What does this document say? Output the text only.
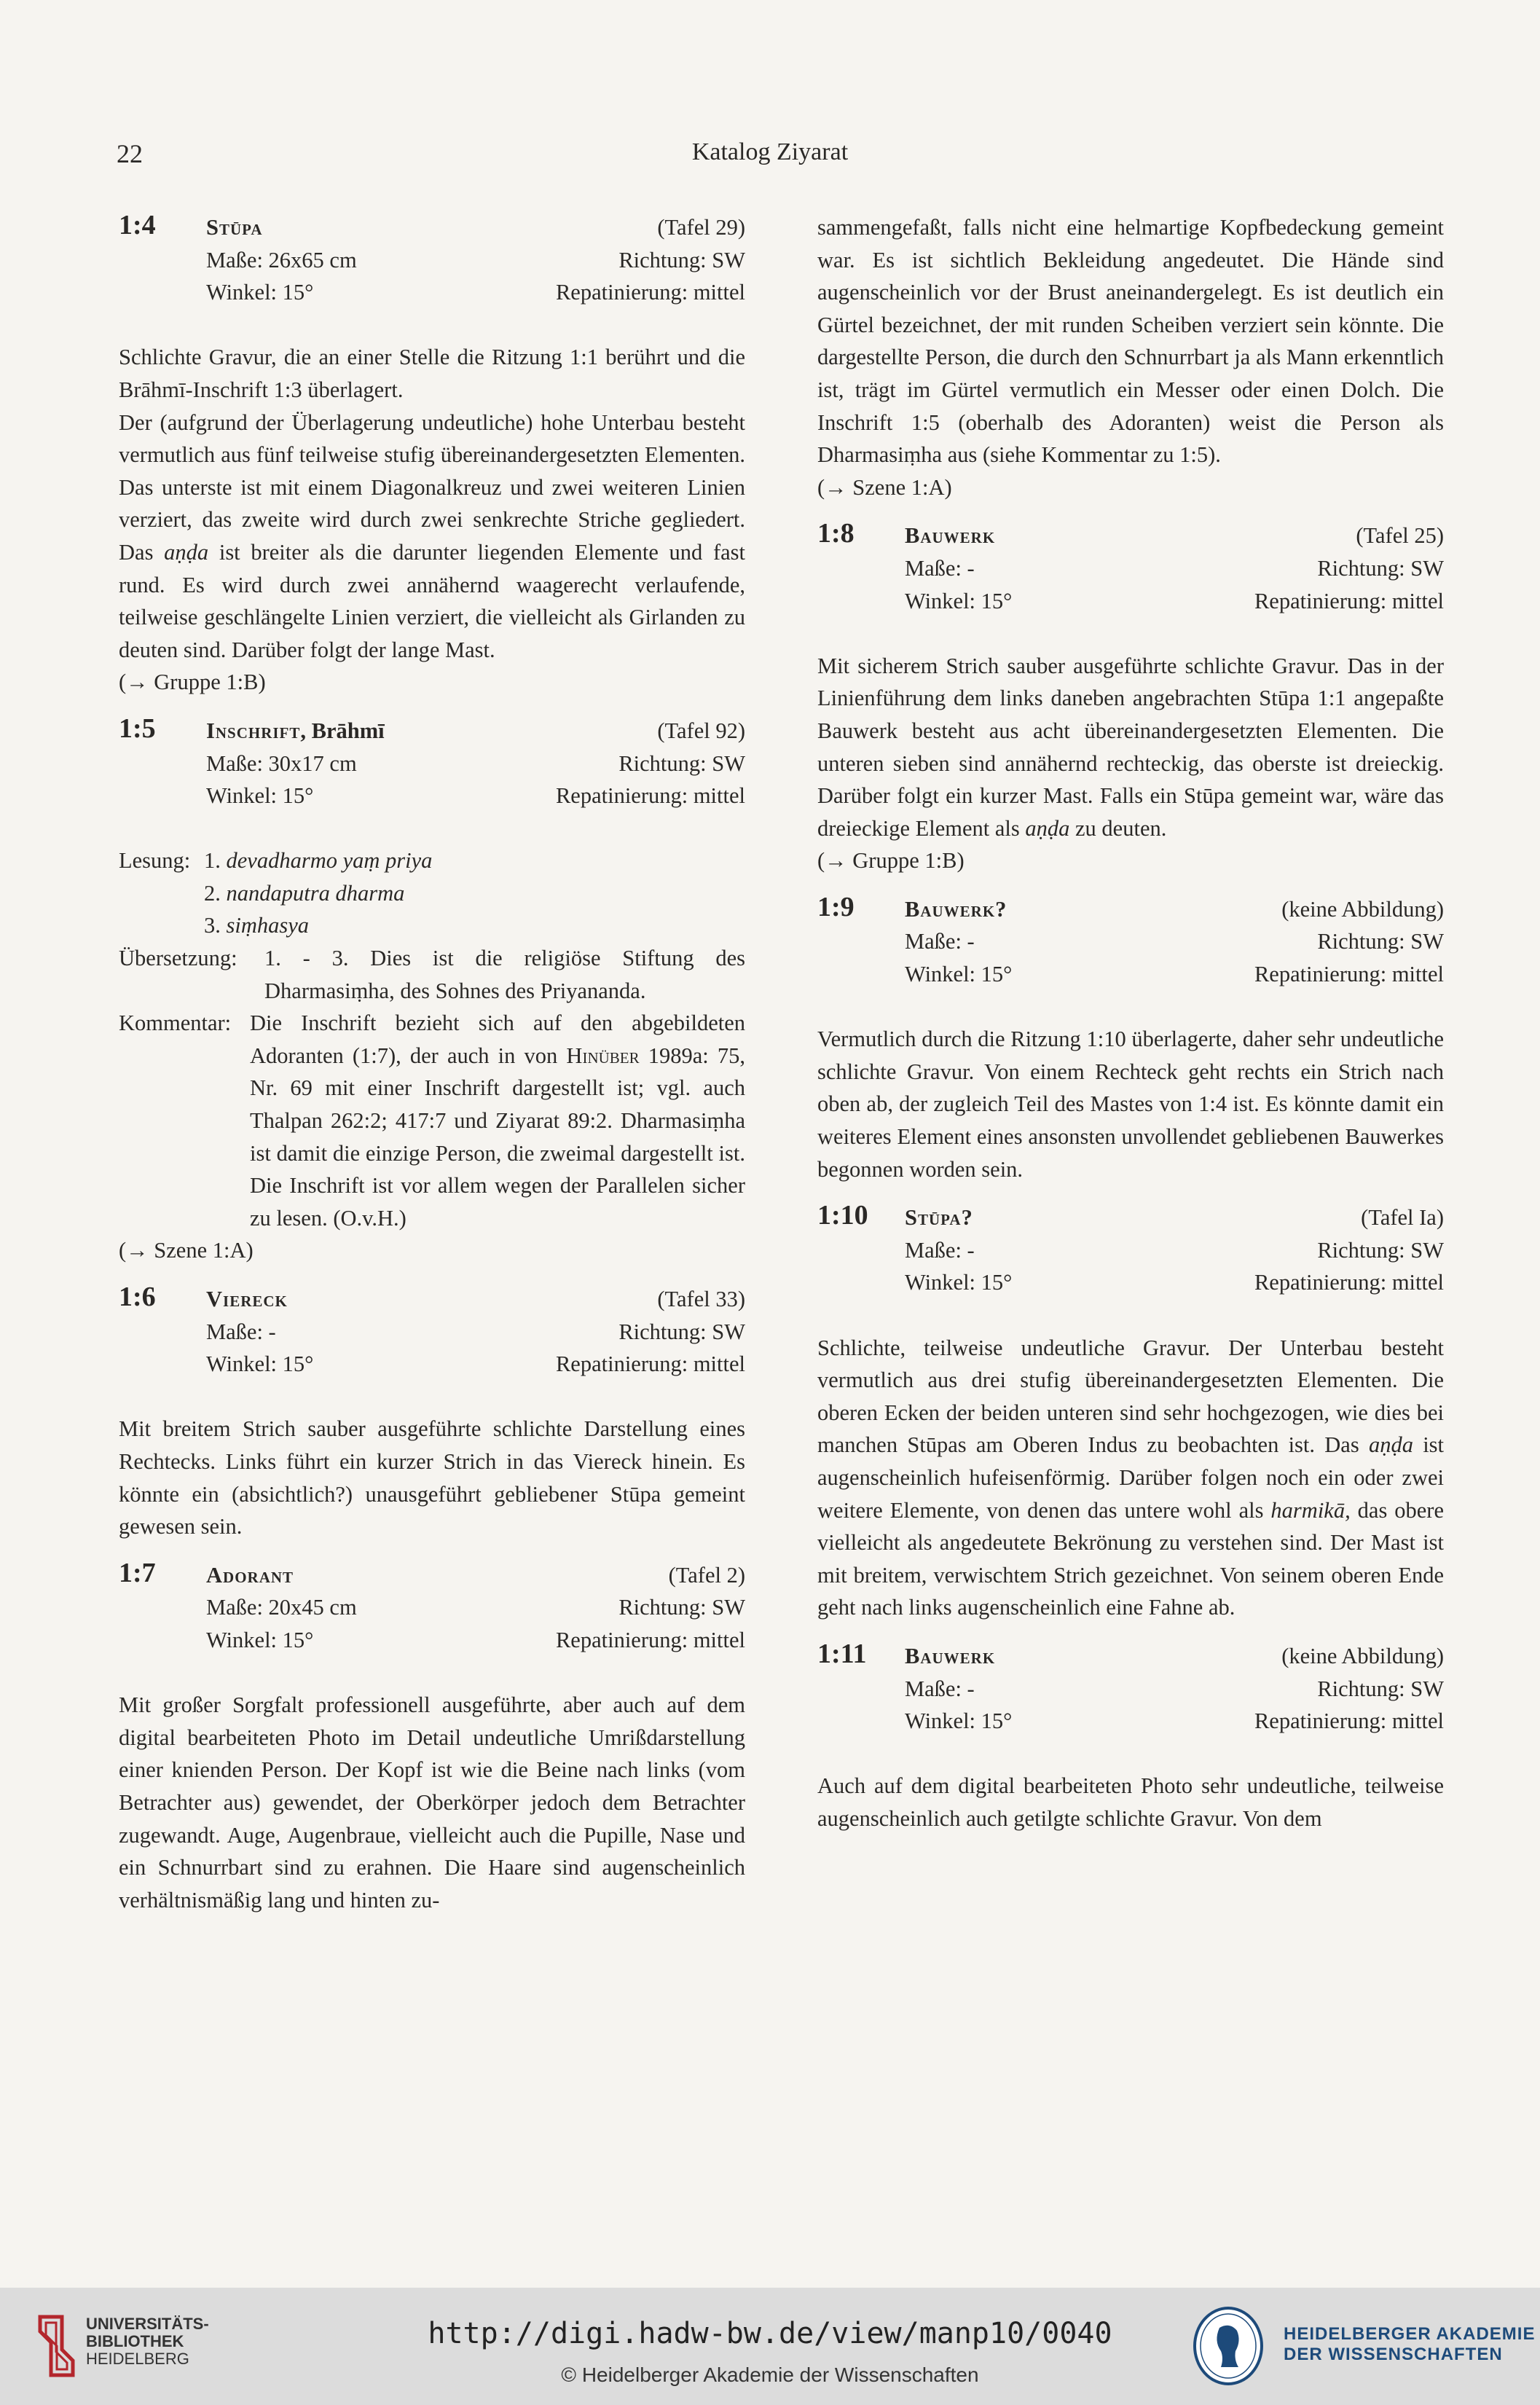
22	Katalog Ziyarat
1:4 Stūpa	(Tafel 29)
Maße: 26x65 cm	Richtung: SW
Winkel: 15°	Repatinierung: mittel

Schlichte Gravur, die an einer Stelle die Ritzung 1:1 berührt und die Brāhmī-Inschrift 1:3 überlagert.

Der (aufgrund der Überlagerung undeutliche) hohe Unterbau besteht vermutlich aus fünf teilweise stufig übereinandergesetzten Elementen. Das unterste ist mit einem Diagonalkreuz und zwei weiteren Linien verziert, das zweite wird durch zwei senkrechte Striche gegliedert. Das aṇḍa ist breiter als die darunter liegenden Elemente und fast rund. Es wird durch zwei annähernd waagerecht verlaufende, teilweise geschlängelte Linien verziert, die vielleicht als Girlanden zu deuten sind. Darüber folgt der lange Mast.

(→ Gruppe 1:B)

1:5 Inschrift, Brāhmī	(Tafel 92)
Maße: 30x17 cm	Richtung: SW
Winkel: 15°	Repatinierung: mittel
Lesung: 1. devadharmo yaṃ priya
2. nandaputra dharma
3. siṃhasya
Übersetzung:	1. - 3. Dies ist die religiöse Stiftung des Dharmasiṃha, des Sohnes des Priyananda.
Kommentar: Die Inschrift bezieht sich auf den abgebildeten Adoranten (1:7), der auch in von Hinüber 1989a: 75, Nr. 69 mit einer Inschrift dargestellt ist; vgl. auch Thalpan 262:2; 417:7 und Ziyarat 89:2. Dharmasiṃha ist damit die einzige Person, die zweimal dargestellt ist. Die Inschrift ist vor allem wegen der Parallelen sicher zu lesen. (O.v.H.)

(→ Szene 1:A)

1:6 Viereck	(Tafel 33)
Maße: -	Richtung: SW
Winkel: 15°	Repatinierung: mittel

Mit breitem Strich sauber ausgeführte schlichte Darstellung eines Rechtecks. Links führt ein kurzer Strich in das Viereck hinein. Es könnte ein (absichtlich?) unausgeführt gebliebener Stūpa gemeint gewesen sein.

1:7 Adorant	(Tafel 2)
Maße: 20x45 cm	Richtung: SW
Winkel: 15°	Repatinierung: mittel

Mit großer Sorgfalt professionell ausgeführte, aber auch auf dem digital bearbeiteten Photo im Detail undeutliche Umrißdarstellung einer knienden Person. Der Kopf ist wie die Beine nach links (vom Betrachter aus) gewendet, der Oberkörper jedoch dem Betrachter zugewandt. Auge, Augenbraue, vielleicht auch die Pupille, Nase und ein Schnurrbart sind zu erahnen. Die Haare sind augenscheinlich verhältnismäßig lang und hinten zu-

sammengefaßt, falls nicht eine helmartige Kopfbedeckung gemeint war. Es ist sichtlich Bekleidung angedeutet. Die Hände sind augenscheinlich vor der Brust aneinandergelegt. Es ist deutlich ein Gürtel bezeichnet, der mit runden Scheiben verziert sein könnte. Die dargestellte Person, die durch den Schnurrbart ja als Mann erkenntlich ist, trägt im Gürtel vermutlich ein Messer oder einen Dolch. Die Inschrift 1:5 (oberhalb des Adoranten) weist die Person als Dharmasiṃha aus (siehe Kommentar zu 1:5).

(→ Szene 1:A)

1:8 Bauwerk	(Tafel 25)
Maße: -	Richtung: SW
Winkel: 15°	Repatinierung: mittel

Mit sicherem Strich sauber ausgeführte schlichte Gravur. Das in der Linienführung dem links daneben angebrachten Stūpa 1:1 angepaßte Bauwerk besteht aus acht übereinandergesetzten Elementen. Die unteren sieben sind annähernd rechteckig, das oberste ist dreieckig. Darüber folgt ein kurzer Mast. Falls ein Stūpa gemeint war, wäre das dreieckige Element als aṇḍa zu deuten.

(→ Gruppe 1:B)

1:9 Bauwerk?	(keine Abbildung)
Maße: -	Richtung: SW
Winkel: 15°	Repatinierung: mittel

Vermutlich durch die Ritzung 1:10 überlagerte, daher sehr undeutliche schlichte Gravur. Von einem Rechteck geht rechts ein Strich nach oben ab, der zugleich Teil des Mastes von 1:4 ist. Es könnte damit ein weiteres Element eines ansonsten unvollendet gebliebenen Bauwerkes begonnen worden sein.

1:10 Stūpa?	(Tafel Ia)
Maße: -	Richtung: SW
Winkel: 15°	Repatinierung: mittel

Schlichte, teilweise undeutliche Gravur. Der Unterbau besteht vermutlich aus drei stufig übereinandergesetzten Elementen. Die oberen Ecken der beiden unteren sind sehr hochgezogen, wie dies bei manchen Stūpas am Oberen Indus zu beobachten ist. Das aṇḍa ist augenscheinlich hufeisenförmig. Darüber folgen noch ein oder zwei weitere Elemente, von denen das untere wohl als harmikā, das obere vielleicht als angedeutete Bekrönung zu verstehen sind. Der Mast ist mit breitem, verwischtem Strich gezeichnet. Von seinem oberen Ende geht nach links augenscheinlich eine Fahne ab.

1:11 Bauwerk	(keine Abbildung)
Maße: -	Richtung: SW
Winkel: 15°	Repatinierung: mittel

Auch auf dem digital bearbeiteten Photo sehr undeutliche, teilweise augenscheinlich auch getilgte schlichte Gravur. Von dem

UNIVERSITÄTS-
BIBLIOTHEK
HEIDELBERG
http://digi.hadw-bw.de/view/manp10/0040
© Heidelberger Akademie der Wissenschaften
HEIDELBERGER AKADEMIE
DER WISSENSCHAFTEN
